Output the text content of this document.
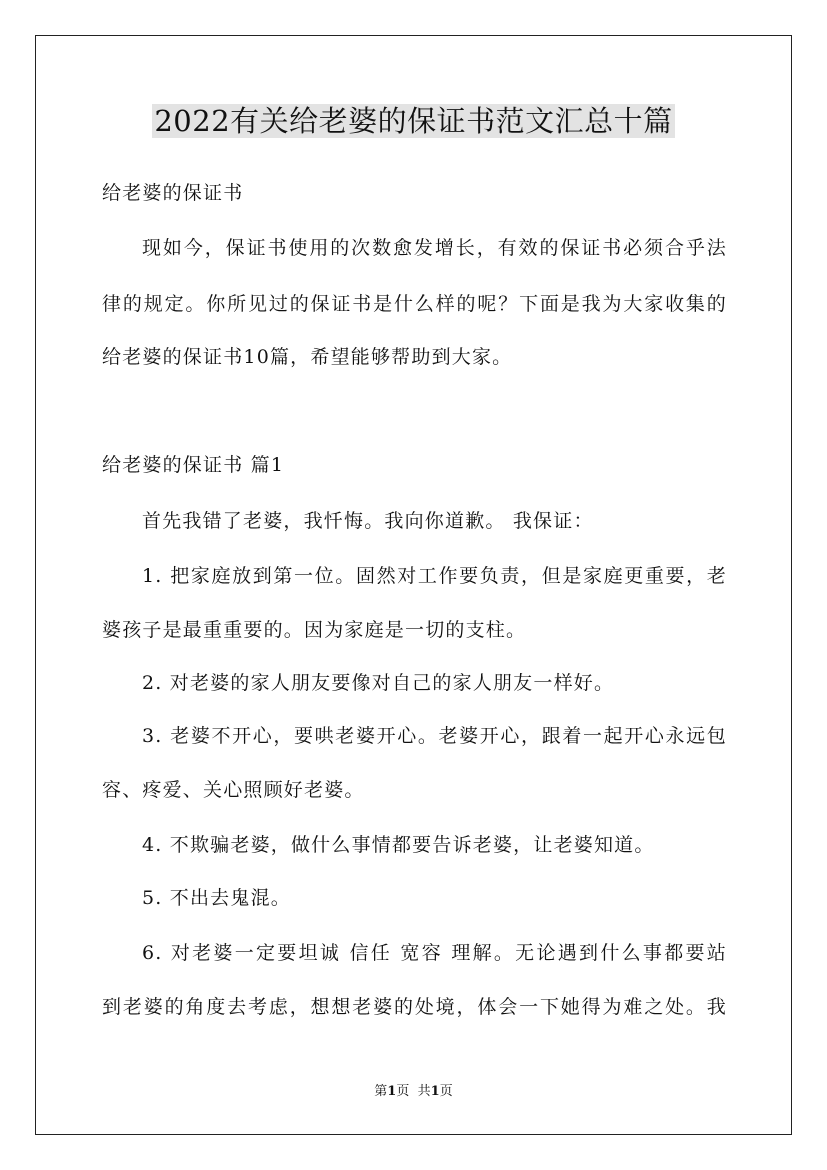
2022有关给老婆的保证书范文汇总十篇
给老婆的保证书
现如今，保证书使用的次数愈发增长，有效的保证书必须合乎法
律的规定。你所见过的保证书是什么样的呢？下面是我为大家收集的
给老婆的保证书10篇，希望能够帮助到大家。
给老婆的保证书 篇1
首先我错了老婆，我忏悔。我向你道歉。 我保证：
1. 把家庭放到第一位。固然对工作要负责，但是家庭更重要，老
婆孩子是最重重要的。因为家庭是一切的支柱。
2. 对老婆的家人朋友要像对自己的家人朋友一样好。
3. 老婆不开心，要哄老婆开心。老婆开心，跟着一起开心永远包
容、疼爱、关心照顾好老婆。
4. 不欺骗老婆，做什么事情都要告诉老婆，让老婆知道。
5. 不出去鬼混。
6. 对老婆一定要坦诚 信任 宽容 理解。无论遇到什么事都要站
到老婆的角度去考虑，想想老婆的处境，体会一下她得为难之处。我
第1页 共1页
